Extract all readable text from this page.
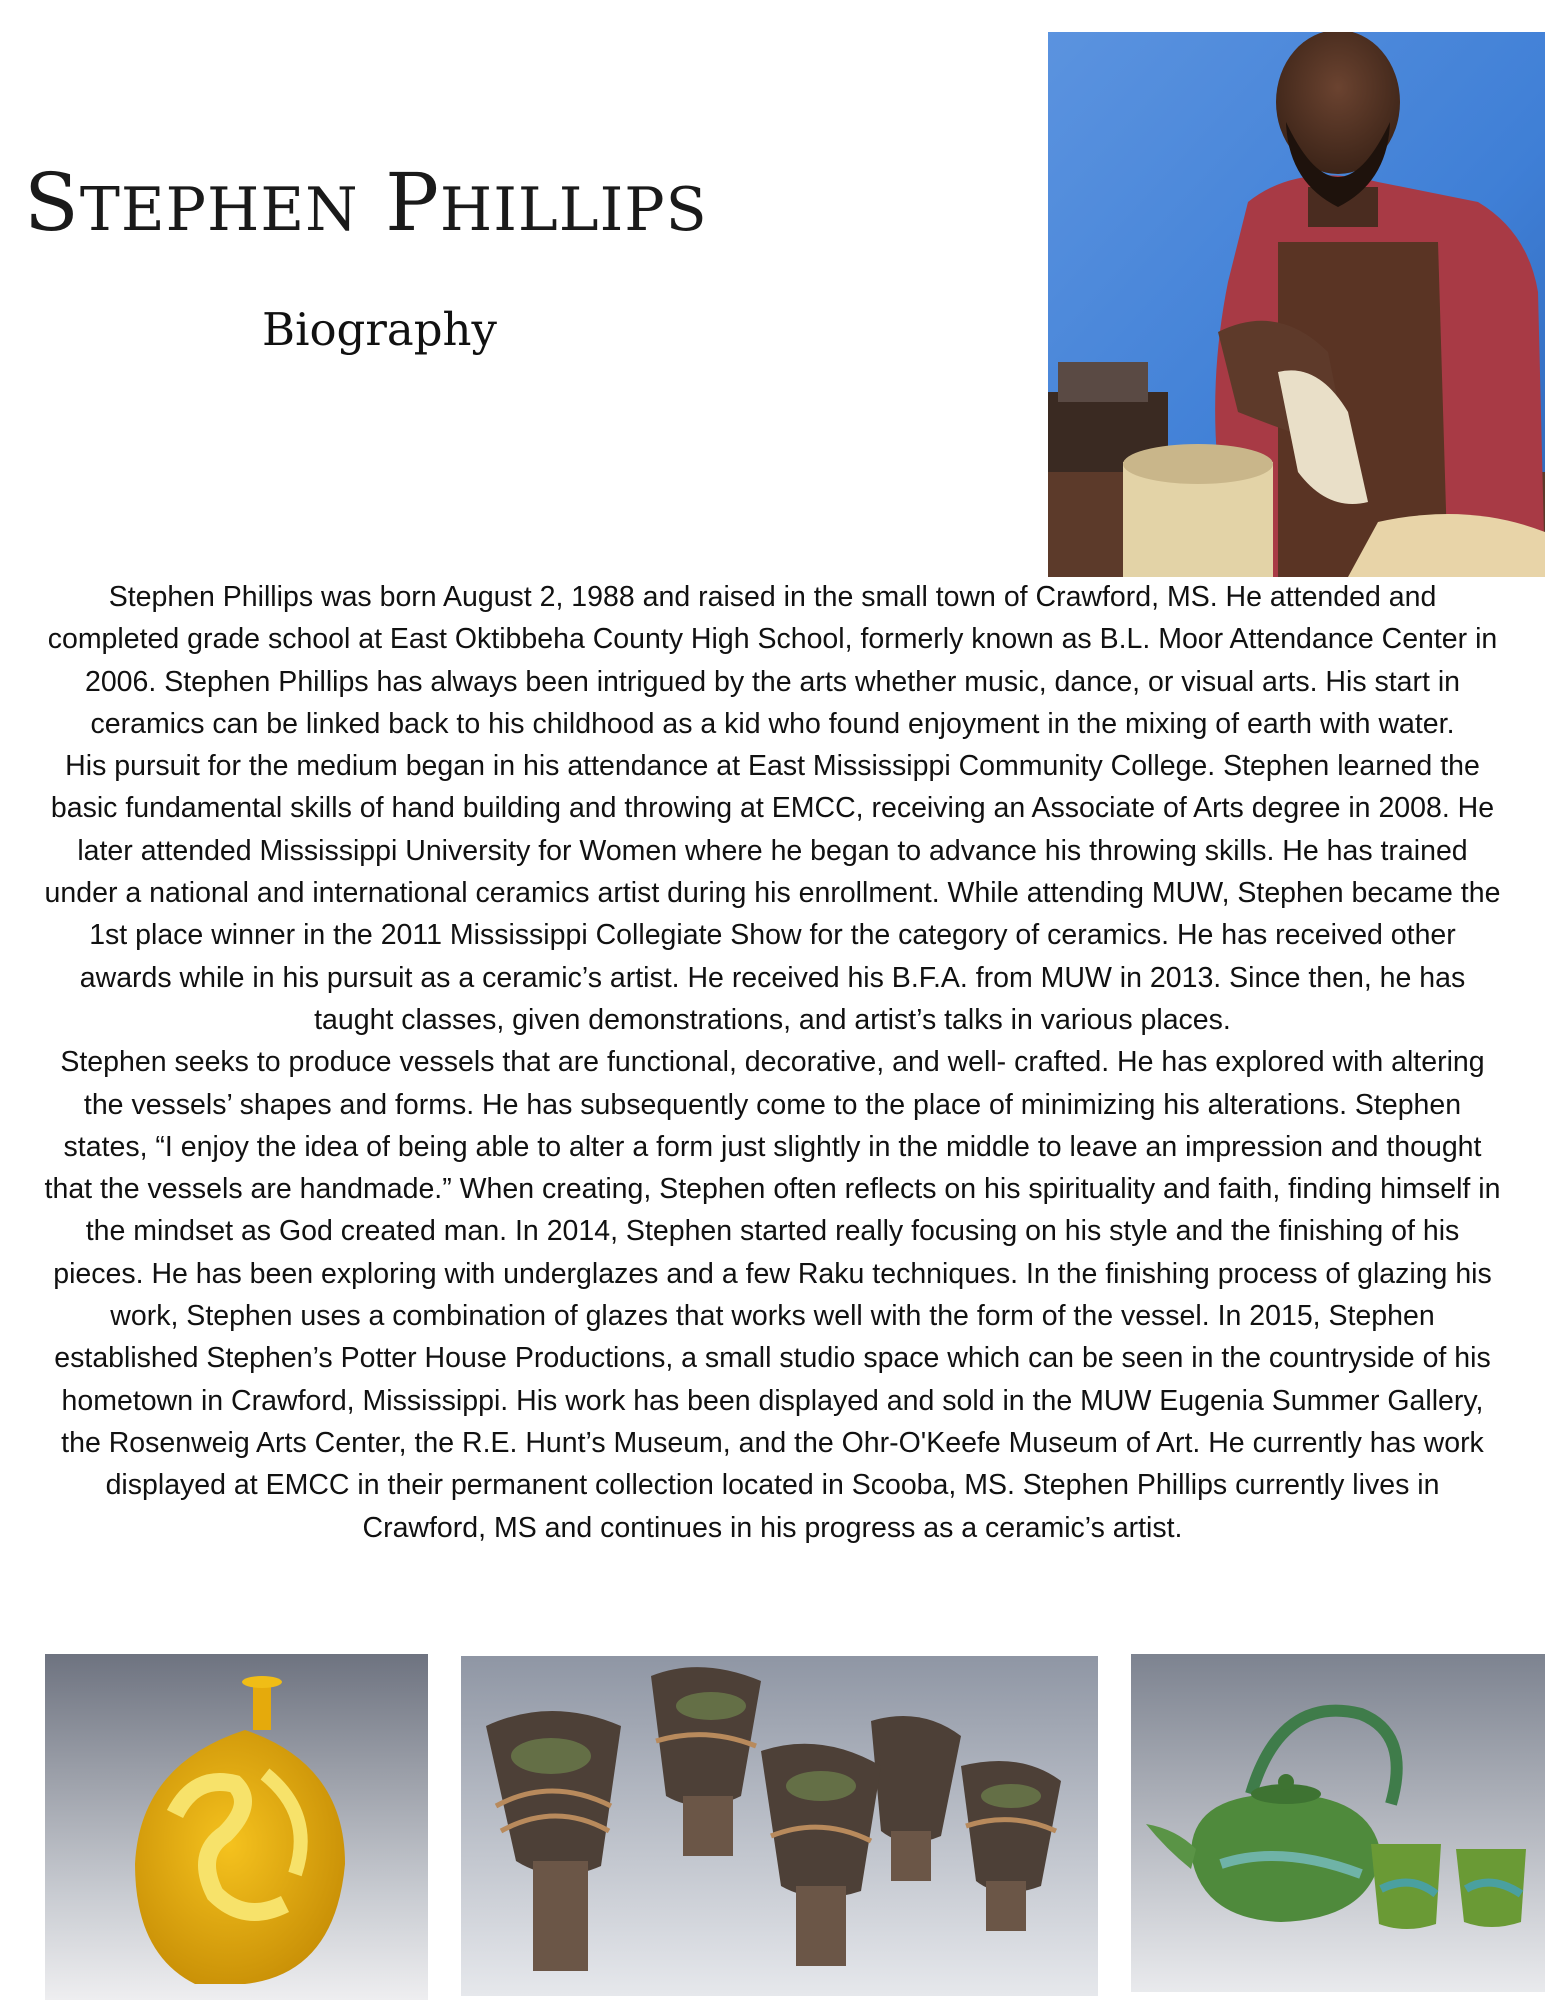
STEPHEN PHILLIPS
Biography

Stephen Phillips was born August 2, 1988 and raised in the small town of Crawford, MS. He attended and completed grade school at East Oktibbeha County High School, formerly known as B.L. Moor Attendance Center in 2006. Stephen Phillips has always been intrigued by the arts whether music, dance, or visual arts. His start in ceramics can be linked back to his childhood as a kid who found enjoyment in the mixing of earth with water.

His pursuit for the medium began in his attendance at East Mississippi Community College. Stephen learned the basic fundamental skills of hand building and throwing at EMCC, receiving an Associate of Arts degree in 2008. He later attended Mississippi University for Women where he began to advance his throwing skills. He has trained under a national and international ceramics artist during his enrollment. While attending MUW, Stephen became the 1st place winner in the 2011 Mississippi Collegiate Show for the category of ceramics. He has received other awards while in his pursuit as a ceramic’s artist. He received his B.F.A. from MUW in 2013. Since then, he has taught classes, given demonstrations, and artist’s talks in various places.

Stephen seeks to produce vessels that are functional, decorative, and well- crafted. He has explored with altering the vessels’ shapes and forms. He has subsequently come to the place of minimizing his alterations. Stephen states, “I enjoy the idea of being able to alter a form just slightly in the middle to leave an impression and thought that the vessels are handmade.” When creating, Stephen often reflects on his spirituality and faith, finding himself in the mindset as God created man. In 2014, Stephen started really focusing on his style and the finishing of his pieces. He has been exploring with underglazes and a few Raku techniques. In the finishing process of glazing his work, Stephen uses a combination of glazes that works well with the form of the vessel. In 2015, Stephen established Stephen’s Potter House Productions, a small studio space which can be seen in the countryside of his hometown in Crawford, Mississippi. His work has been displayed and sold in the MUW Eugenia Summer Gallery, the Rosenweig Arts Center, the R.E. Hunt’s Museum, and the Ohr-O'Keefe Museum of Art. He currently has work displayed at EMCC in their permanent collection located in Scooba, MS. Stephen Phillips currently lives in Crawford, MS and continues in his progress as a ceramic’s artist.
